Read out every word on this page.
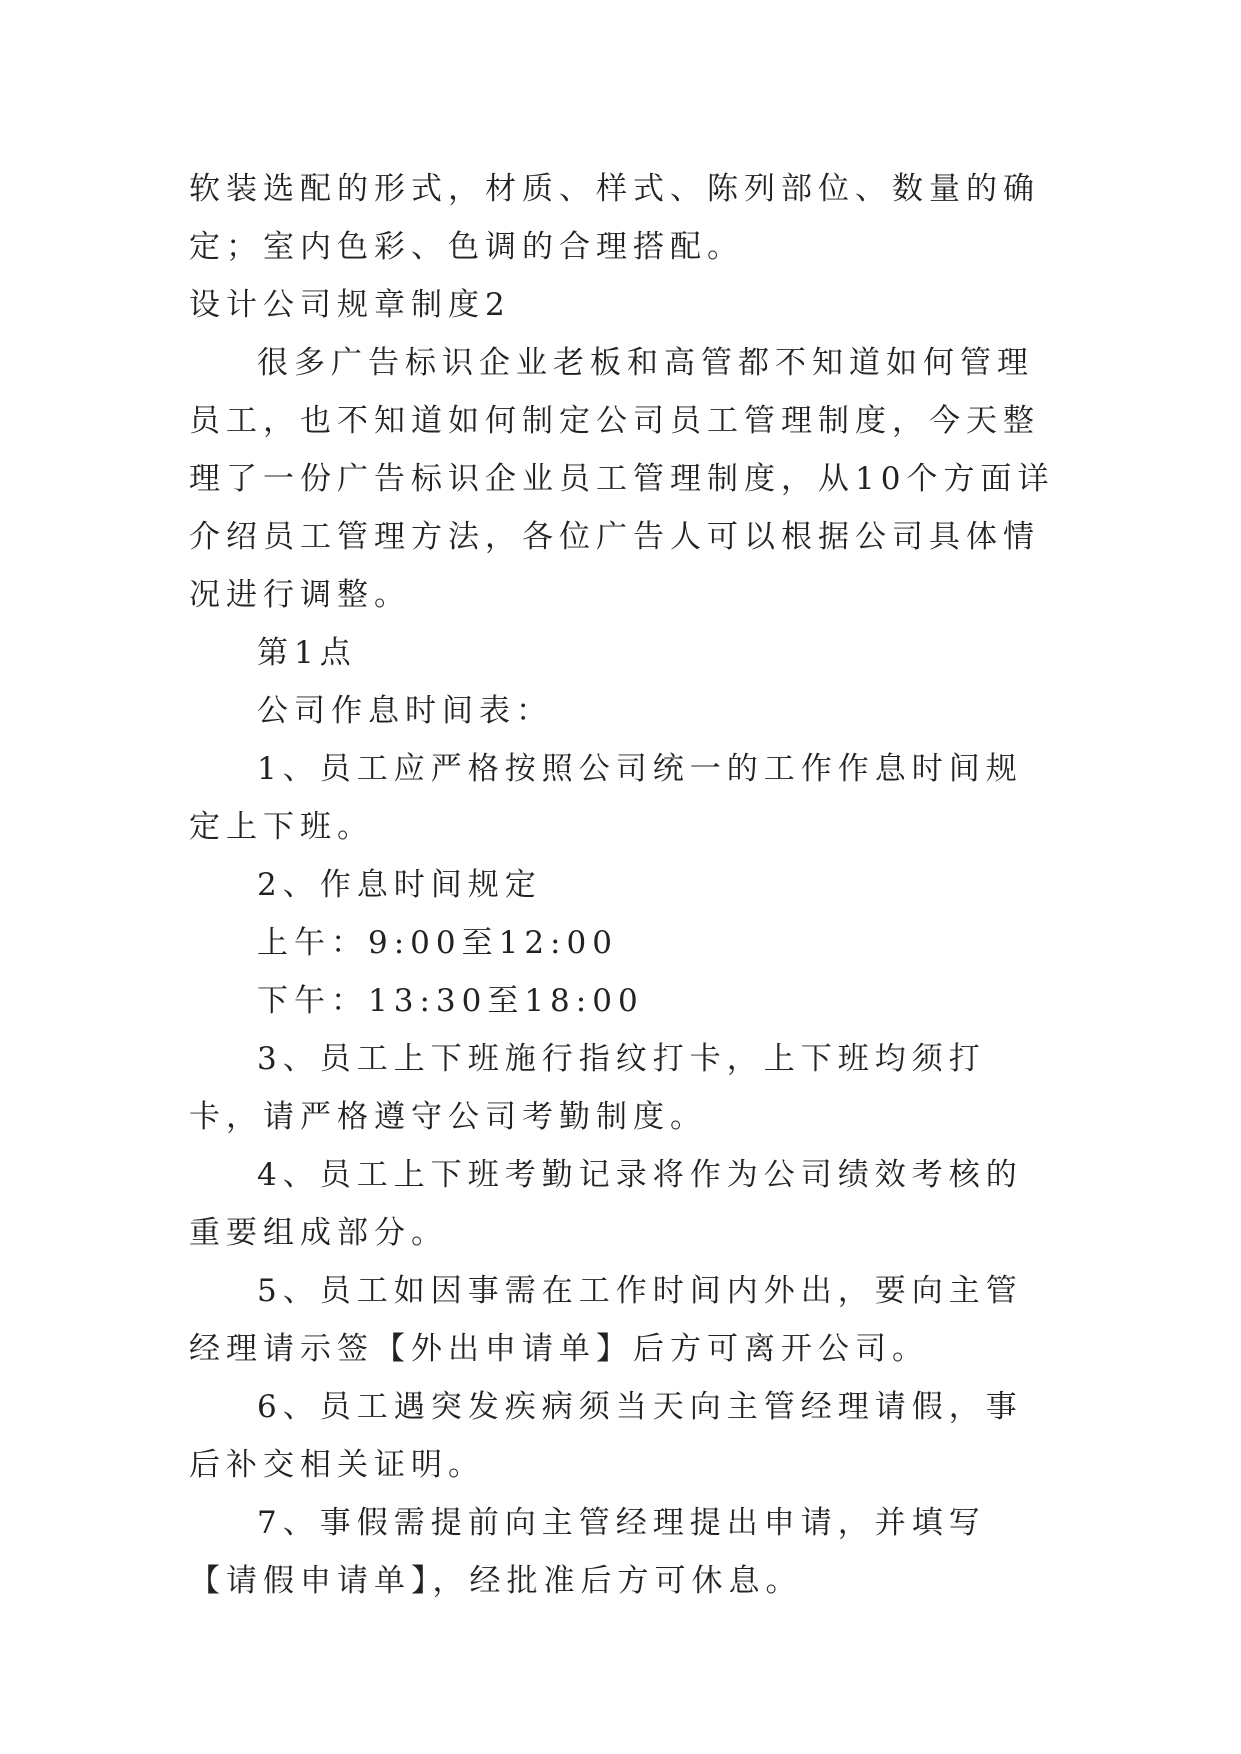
软装选配的形式，材质、样式、陈列部位、数量的确定；室内色彩、色调的合理搭配。

设计公司规章制度2

很多广告标识企业老板和高管都不知道如何管理员工，也不知道如何制定公司员工管理制度，今天整理了一份广告标识企业员工管理制度，从10个方面详介绍员工管理方法，各位广告人可以根据公司具体情况进行调整。

第1点

公司作息时间表：

1、员工应严格按照公司统一的工作作息时间规定上下班。

2、作息时间规定

上午：9:00至12:00

下午：13:30至18:00

3、员工上下班施行指纹打卡，上下班均须打卡，请严格遵守公司考勤制度。

4、员工上下班考勤记录将作为公司绩效考核的重要组成部分。

5、员工如因事需在工作时间内外出，要向主管经理请示签【外出申请单】后方可离开公司。

6、员工遇突发疾病须当天向主管经理请假，事后补交相关证明。

7、事假需提前向主管经理提出申请，并填写【请假申请单】，经批准后方可休息。
